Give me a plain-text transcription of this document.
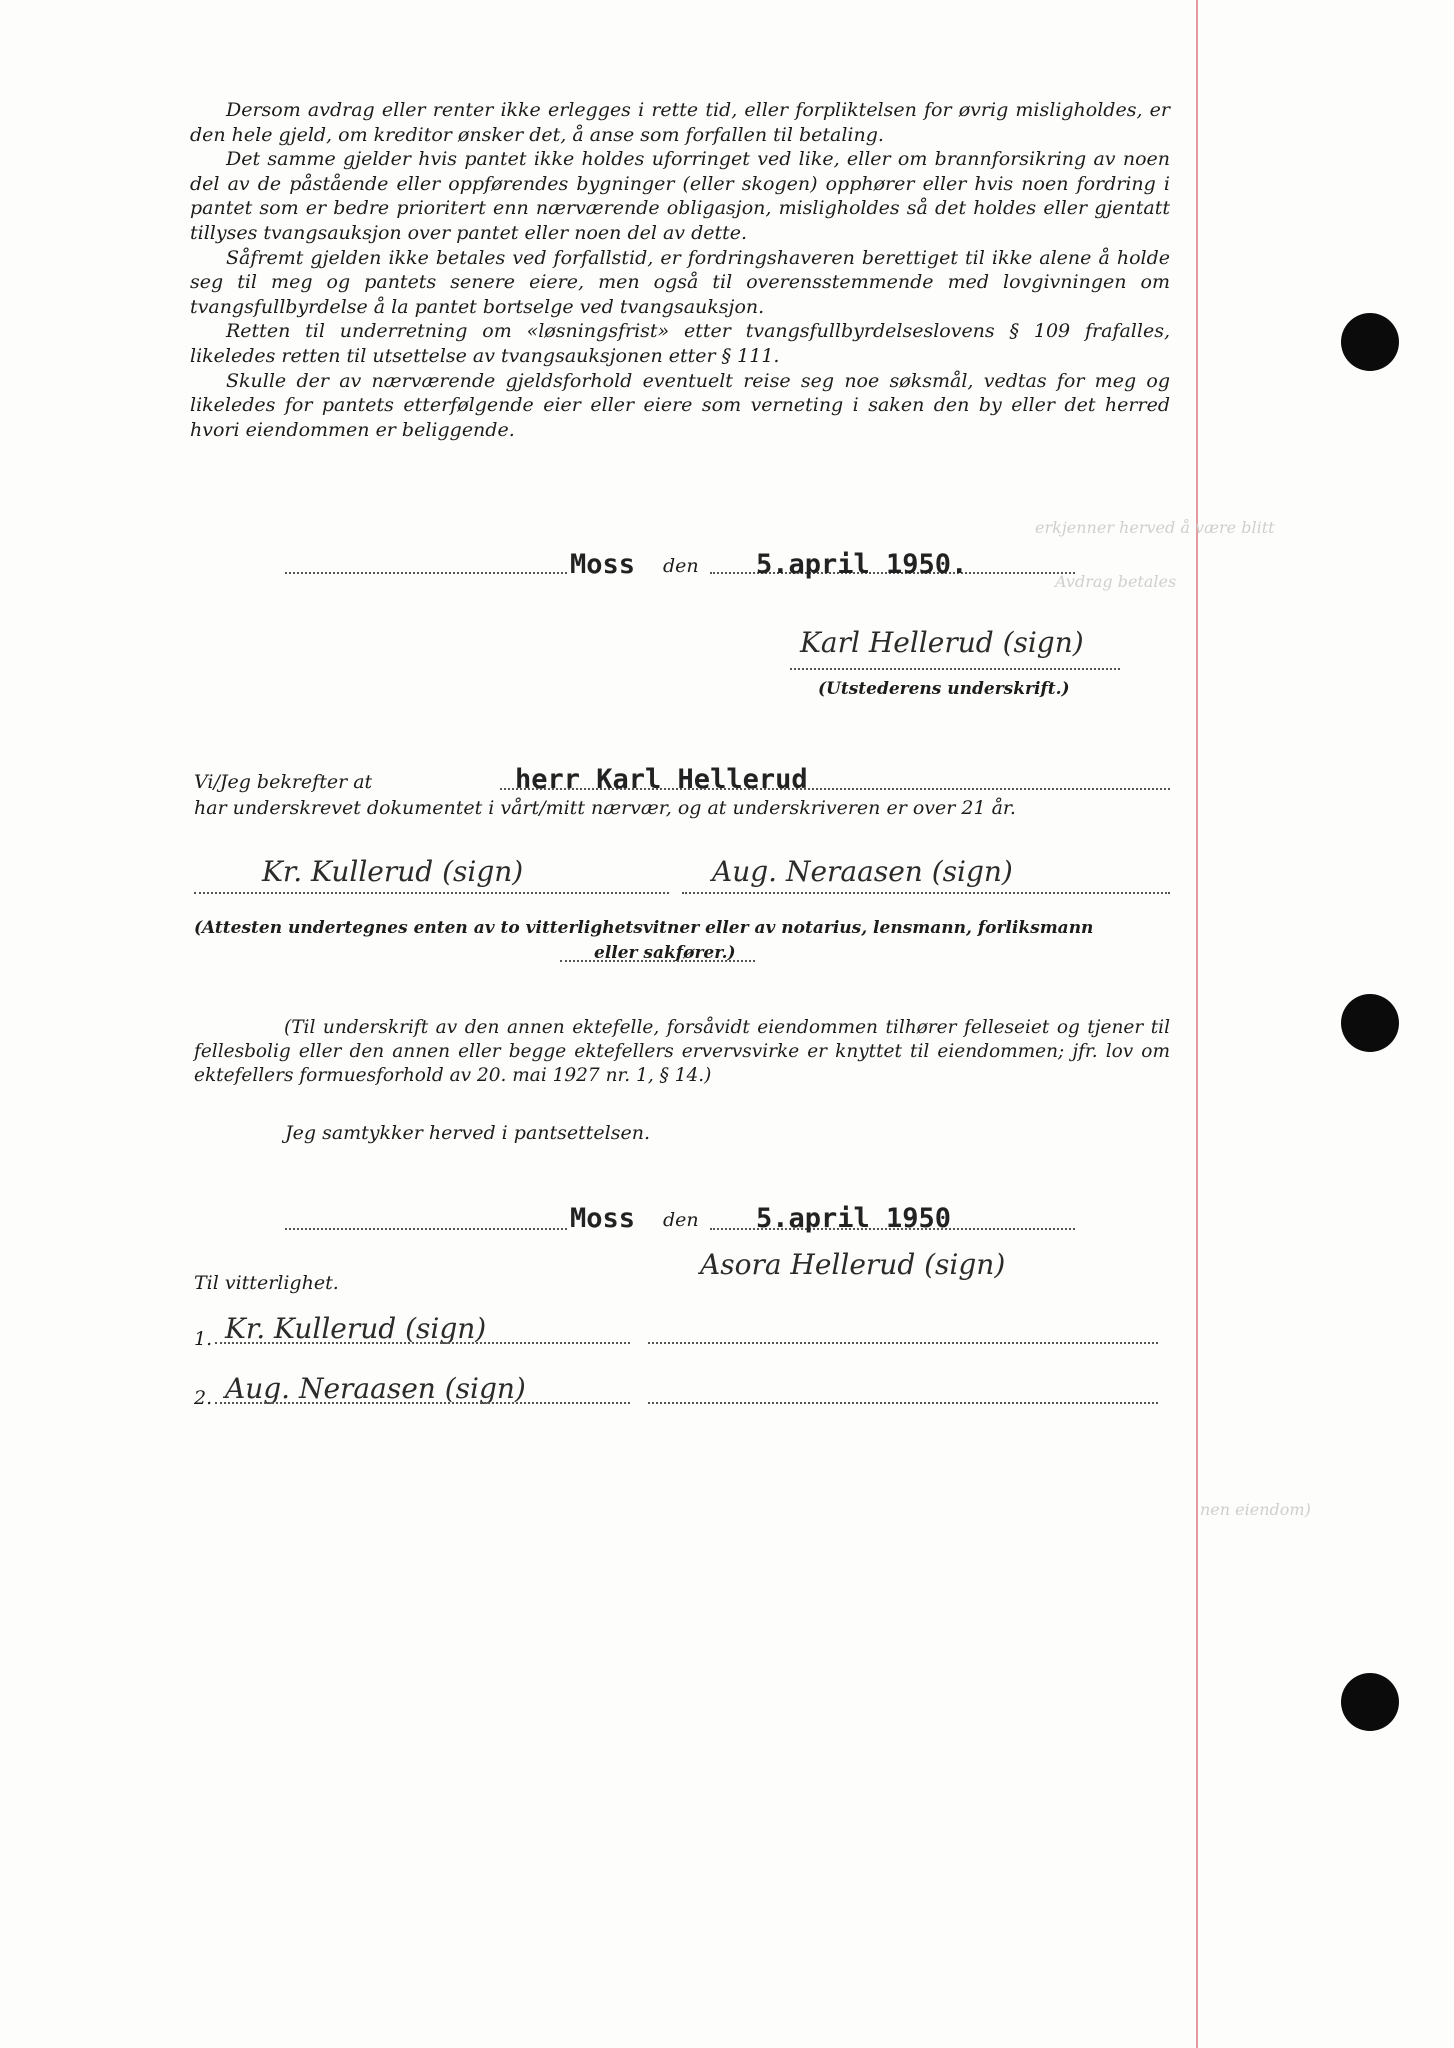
erkjenner herved å være blitt
Avdrag betales
nen eiendom)

Dersom avdrag eller renter ikke erlegges i rette tid, eller forpliktelsen for øvrig misligholdes, er den hele gjeld, om kreditor ønsker det, å anse som forfallen til betaling.

Det samme gjelder hvis pantet ikke holdes uforringet ved like, eller om brannforsikring av noen del av de påstående eller oppførendes bygninger (eller skogen) opphører eller hvis noen fordring i pantet som er bedre prioritert enn nærværende obligasjon, misligholdes så det holdes eller gjentatt tillyses tvangsauksjon over pantet eller noen del av dette.

Såfremt gjelden ikke betales ved forfallstid, er fordringshaveren berettiget til ikke alene å holde seg til meg og pantets senere eiere, men også til overensstemmende med lovgivningen om tvangsfullbyrdelse å la pantet bortselge ved tvangsauksjon.

Retten til underretning om «løsningsfrist» etter tvangsfullbyrdelseslovens § 109 frafalles, likeledes retten til utsettelse av tvangsauksjonen etter § 111.

Skulle der av nærværende gjeldsforhold eventuelt reise seg noe søksmål, vedtas for meg og likeledes for pantets etterfølgende eier eller eiere som verneting i saken den by eller det herred hvori eiendommen er beliggende.

Moss den 5.april 1950.
Karl Hellerud (sign)
(Utstederens underskrift.)
Vi/Jeg bekrefter at	herr Karl Hellerud
har underskrevet dokumentet i vårt/mitt nærvær, og at underskriveren er over 21 år.
Kr. Kullerud (sign)	Aug. Neraasen (sign)
(Attesten undertegnes enten av to vitterlighetsvitner eller av notarius, lensmann, forliksmann
eller sakfører.)

(Til underskrift av den annen ektefelle, forsåvidt eiendommen tilhører felleseiet og tjener til fellesbolig eller den annen eller begge ektefellers ervervsvirke er knyttet til eiendommen; jfr. lov om ektefellers formuesforhold av 20. mai 1927 nr. 1, § 14.)

Jeg samtykker herved i pantsettelsen.
Moss den 5.april 1950
Asora Hellerud (sign)
Til vitterlighet.
1. Kr. Kullerud (sign)
2. Aug. Neraasen (sign)
